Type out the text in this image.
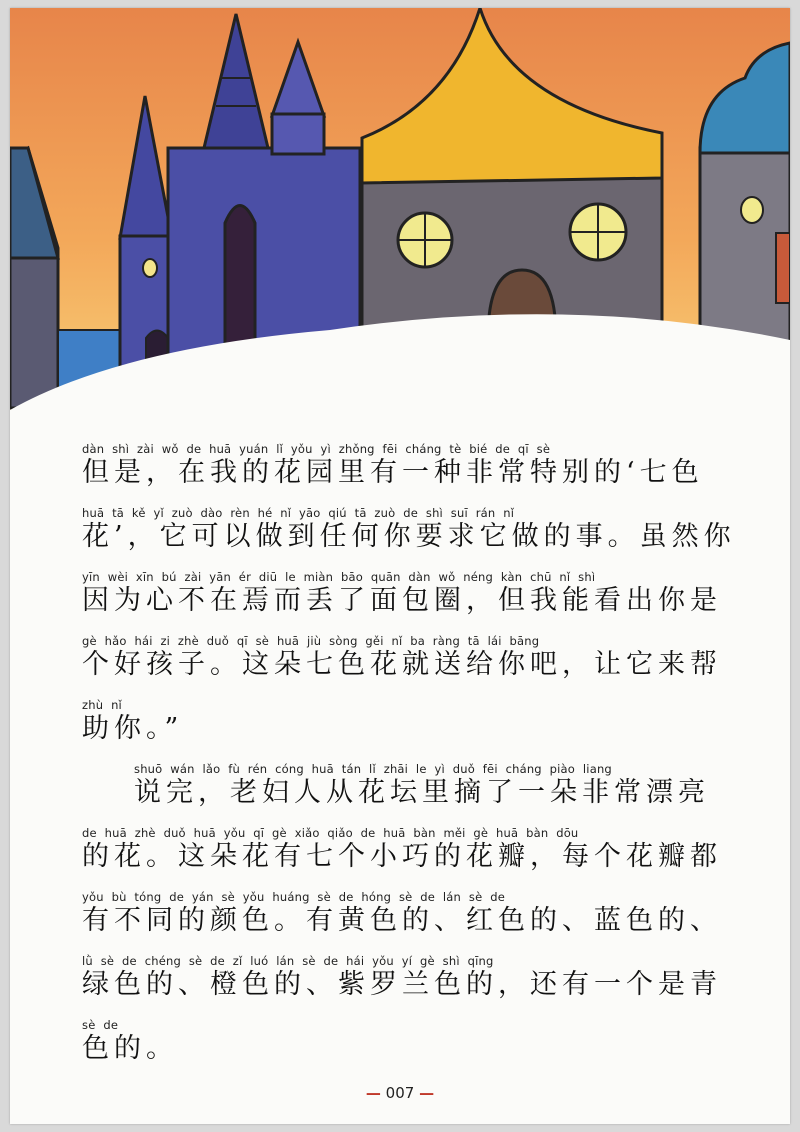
dàn shì zài wǒ de huā yuán lǐ yǒu yì zhǒng fēi cháng tè bié de qī sè
但是，在我的花园里有一种非常特别的‘七色
huā tā kě yǐ zuò dào rèn hé nǐ yāo qiú tā zuò de shì suī rán nǐ
花’，它可以做到任何你要求它做的事。虽然你
yīn wèi xīn bú zài yān ér diū le miàn bāo quān dàn wǒ néng kàn chū nǐ shì
因为心不在焉而丢了面包圈，但我能看出你是
gè hǎo hái zi zhè duǒ qī sè huā jiù sòng gěi nǐ ba ràng tā lái bāng
个好孩子。这朵七色花就送给你吧，让它来帮
zhù nǐ
助你。”
shuō wán lǎo fù rén cóng huā tán lǐ zhāi le yì duǒ fēi cháng piào liang
说完，老妇人从花坛里摘了一朵非常漂亮
de huā zhè duǒ huā yǒu qī gè xiǎo qiǎo de huā bàn měi gè huā bàn dōu
的花。这朵花有七个小巧的花瓣，每个花瓣都
yǒu bù tóng de yán sè yǒu huáng sè de hóng sè de lán sè de
有不同的颜色。有黄色的、红色的、蓝色的、
lǜ sè de chéng sè de zǐ luó lán sè de hái yǒu yí gè shì qīng
绿色的、橙色的、紫罗兰色的，还有一个是青
sè de
色的。
— 007 —
